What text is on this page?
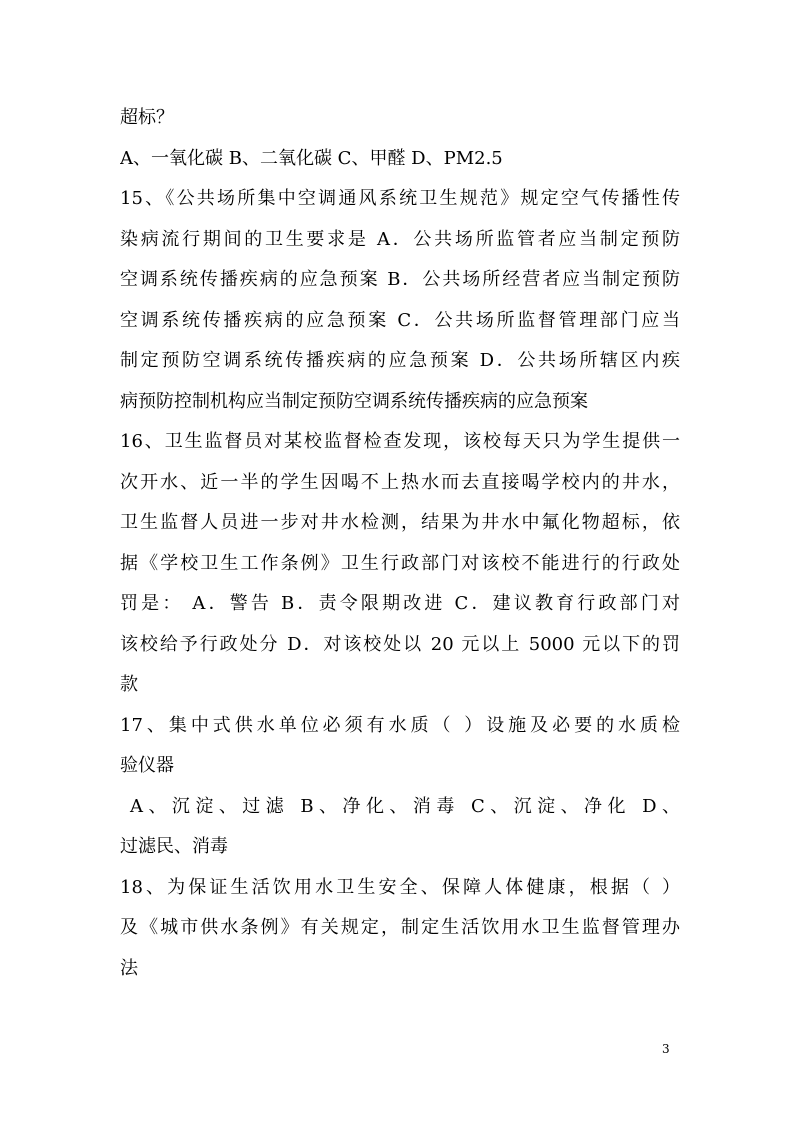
超标？
A、一氧化碳 B、二氧化碳 C、甲醛 D、PM2.5
15、《公共场所集中空调通风系统卫生规范》规定空气传播性传
染病流行期间的卫生要求是 A．公共场所监管者应当制定预防
空调系统传播疾病的应急预案 B．公共场所经营者应当制定预防
空调系统传播疾病的应急预案 C．公共场所监督管理部门应当
制定预防空调系统传播疾病的应急预案 D．公共场所辖区内疾
病预防控制机构应当制定预防空调系统传播疾病的应急预案
16、卫生监督员对某校监督检查发现，该校每天只为学生提供一
次开水、近一半的学生因喝不上热水而去直接喝学校内的井水，
卫生监督人员进一步对井水检测，结果为井水中氟化物超标，依
据《学校卫生工作条例》卫生行政部门对该校不能进行的行政处
罚是： A．警告 B．责令限期改进 C．建议教育行政部门对
该校给予行政处分 D．对该校处以 20 元以上 5000 元以下的罚
款
17、集中式供水单位必须有水质（ ）设施及必要的水质检
验仪器
A、沉淀、过滤 B、净化、消毒 C、沉淀、净化 D、
过滤民、消毒
18、为保证生活饮用水卫生安全、保障人体健康，根据（ ）
及《城市供水条例》有关规定，制定生活饮用水卫生监督管理办
法
3
